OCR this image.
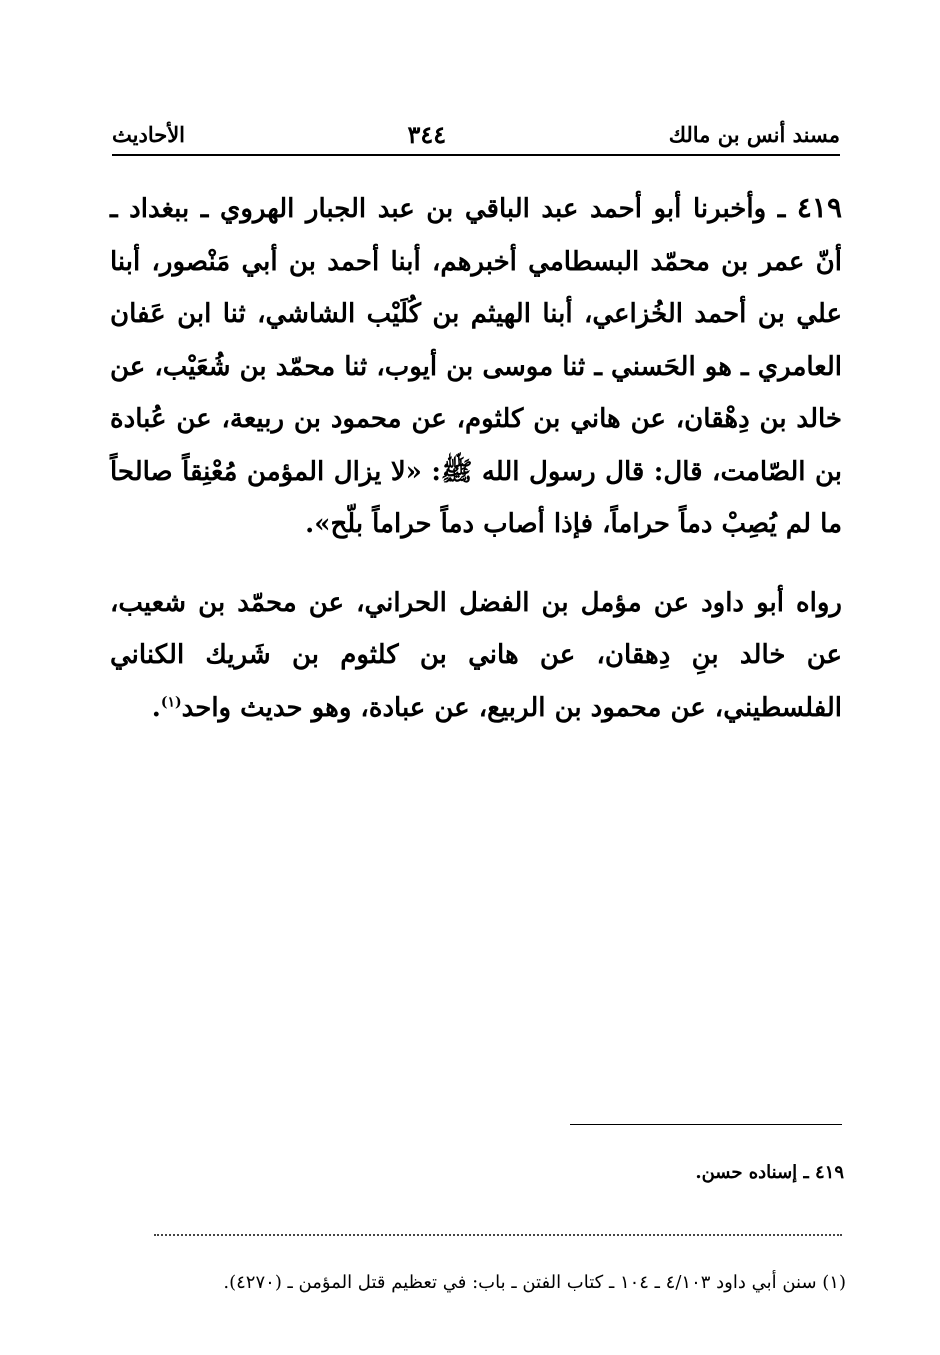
مسند أنس بن مالك
٣٤٤
الأحاديث

٤١٩ ـ وأخبرنا أبو أحمد عبد الباقي بن عبد الجبار الهروي ـ ببغداد ـ أنّ عمر بن محمّد البسطامي أخبرهم، أبنا أحمد بن أبي مَنْصور، أبنا علي بن أحمد الخُزاعي، أبنا الهيثم بن كُلَيْب الشاشي، ثنا ابن عَفان العامري ـ هو الحَسني ـ ثنا موسى بن أيوب، ثنا محمّد بن شُعَيْب، عن خالد بن دِهْقان، عن هاني بن كلثوم، عن محمود بن ربيعة، عن عُبادة بن الصّامت، قال: قال رسول الله ﷺ: «لا يزال المؤمن مُعْنِقاً صالحاً ما لم يُصِبْ دماً حراماً، فإذا أصاب دماً حراماً بلّح».

رواه أبو داود عن مؤمل بن الفضل الحراني، عن محمّد بن شعيب، عن خالد بنِ دِهقان، عن هاني بن كلثوم بن شَريك الكناني الفلسطيني، عن محمود بن الربيع، عن عبادة، وهو حديث واحد$^{(١)}$.

٤١٩ ـ إسناده حسن.
(١) سنن أبي داود ٤/١٠٣ ـ ١٠٤ ـ كتاب الفتن ـ باب: في تعظيم قتل المؤمن ـ (٤٢٧٠).
